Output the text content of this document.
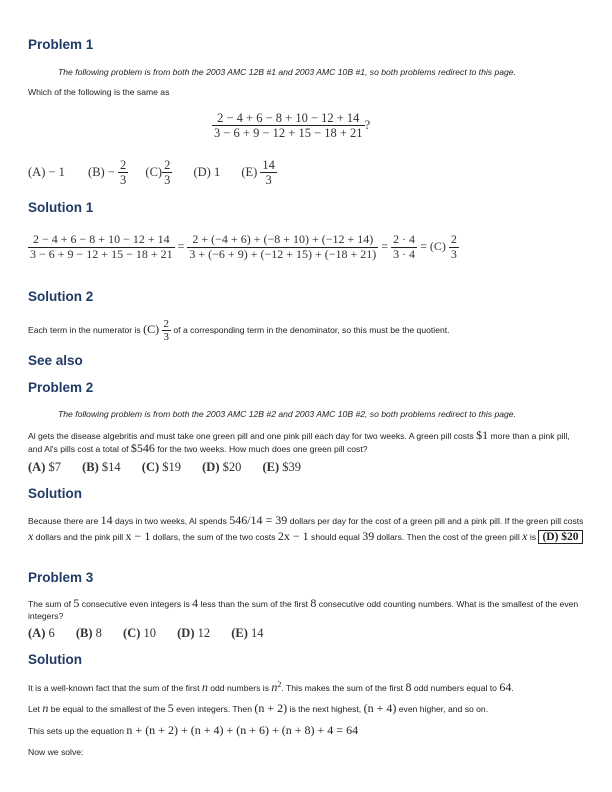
Problem 1

The following problem is from both the 2003 AMC 12B #1 and 2003 AMC 10B #1, so both problems redirect to this page.

Which of the following is the same as

$\frac{2 - 4 + 6 - 8 + 10 - 12 + 14}{3 - 6 + 9 - 12 + 15 - 18 + 21}$ ?
(A) − 1 $(B) - \frac{2}{3} (C) \frac{2}{3} (D)$ 1 $(E) \frac{14}{3}$
Solution 1
$\frac{2 - 4 + 6 - 8 + 10 - 12 + 14}{3 - 6 + 9 - 12 + 15 - 18 + 21} = \frac{2 + (-4 + 6) + (-8 + 10) + (-12 + 14)}{3 + (-6 + 9) + (-12 + 15) + (-18 + 21)} = \frac{2 \cdot 4}{3 \cdot 4} = (C) \frac{2}{3}$
Solution 2

Each term in the numerator is $(C) \frac{2}{3}$ of a corresponding term in the denominator, so this must be the quotient.

See also
Problem 2

The following problem is from both the 2003 AMC 12B #2 and 2003 AMC 10B #2, so both problems redirect to this page.

Al gets the disease algebritis and must take one green pill and one pink pill each day for two weeks. A green pill costs $1 more than a pink pill, and Al's pills cost a total of $546 for the two weeks. How much does one green pill cost?

(A) $7 (B) $14 (C) $19 (D) $20 (E) $39
Solution

Because there are 14 days in two weeks, Al spends 546/14 = 39 dollars per day for the cost of a green pill and a pink pill. If the green pill costs x dollars and the pink pill x − 1 dollars, the sum of the two costs 2x − 1 should equal 39 dollars. Then the cost of the green pill x is (D) $20

Problem 3

The sum of 5 consecutive even integers is 4 less than the sum of the first 8 consecutive odd counting numbers. What is the smallest of the even integers?

(A) 6 (B) 8 (C) 10 (D) 12 (E) 14
Solution

It is a well-known fact that the sum of the first n odd numbers is $n^2$. This makes the sum of the first 8 odd numbers equal to 64.

Let n be equal to the smallest of the 5 even integers. Then (n + 2) is the next highest, (n + 4) even higher, and so on.

This sets up the equation n + (n + 2) + (n + 4) + (n + 6) + (n + 8) + 4 = 64

Now we solve:
